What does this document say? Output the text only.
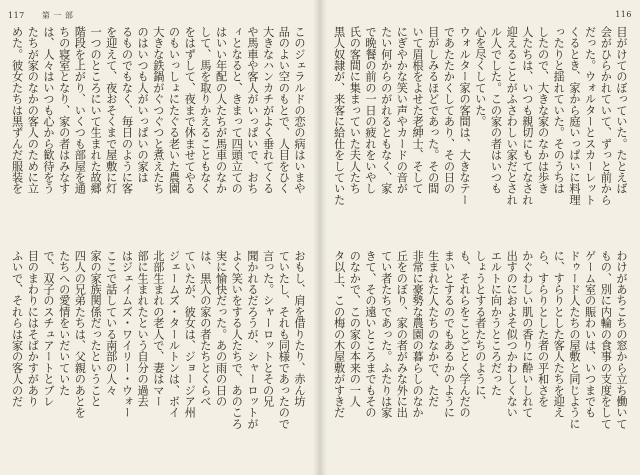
117 第 一 部
このジェラルドの恋の病はいまや
品のよい空のもとで、人目をひく
大きなハンカチがよく垂れてくる
や馬車や客人がいっぱいで、おち
ィとなると、きまって四頭立ての
はいい年配の人たちが馬車のなか
して、馬を取りかえることもなく
をはずして、夜まで休ませてやる
のもいっしょにたぐる老いた農園
大きな鉄鍋がぐつぐつと煮えたち
のはいつも人がいっぱいの家は
るものでもなく、毎日のように客
を迎えて、夜おそくまで屋敷に灯
一つのところにいて生まれた故郷
階段を上がり、いくつも部屋を通
ちの寝室となり、家の者はみなす
は、人々はいつも心から歓待をう
たちが家のなかの客人のために立
めた。彼女たちは黒ずんだ服装を
おもし、肩を借りたり、赤ん坊
ていたし、それも同様であったので
言った。シャーロットとその兄
聞かれるだろうが、シャーロットが
よく笑いをする人たちで、あのころ
実に愉快だった。あの雨の日の
は、黒人の家の者たちとくらべ
ていたが、彼女は、ジョージア州
ジェームズ・タールトンは、ボイ
北部生まれの老人で、妻はマー
部に生まれたという自分の過去
はジェイムズ・ワイリー・ウォー
ここで話している南部の人々
家の家族関係だったということ
四人の兄弟たちは、父親のあとを
たちへの愛情をいだいていた
で、双子のスチュアートとブレ
目のまわりにはそばかすがあり
ふいで、それらは家の客人のだ
116
目がけてのぼっていた。たとえば
会がひらかれていて、ずっと前から
だった。ウォルターとスカーレット
くるとき、家から庭いっぱいに料理
ったりと揺れていた。そのうちは
したので、大きな家のなかは歩き
人たちは、いつも親切にもてなされ
迎えることがふさわしい家だとされ
ル人でした。この家の者はいつも
心を尽くしていた。
ウォルター家の客間は、大きなテー
であたたかくしてあり、その日の
目がしみるほどであった。その間
いて眉根をよせた老紳士、そして
にぎやかな笑い声やカードの音が
たい何からのがれるともなく、家
で晩餐の前の一日の疲れをいやし
氏の客間に集まっていた夫人たち
黒人奴隷が、来客に給仕をしていた
わけがあちこちの窓から立ち働いて
もの、別に内輪の食事の支度をして
ゲーム室の賑わいは、いつまでも
ドゥード人たちの屋敷と同じように
に、すらりとした客人たちを迎え
ら、すらりとした者の平和さを
かぐわしい肌の香りに酔いしれて
出すのにおよそ似つかわしくない
エルトに向かうところだった
しょうとする者たちのように、
も、それらをことごとく学んだの
まいとするのでもあるかのように
生まれた人たちのなかで、ただ
非常に豪勢な農園の暮らしのなか
丘をのぼり、家の者がみな外に出
てい者たちであった。ふたりは家
きて、その遠いところまでもその
のなかで、この家の本来の一人
タ以上、この梅の木屋敷がすきだ
